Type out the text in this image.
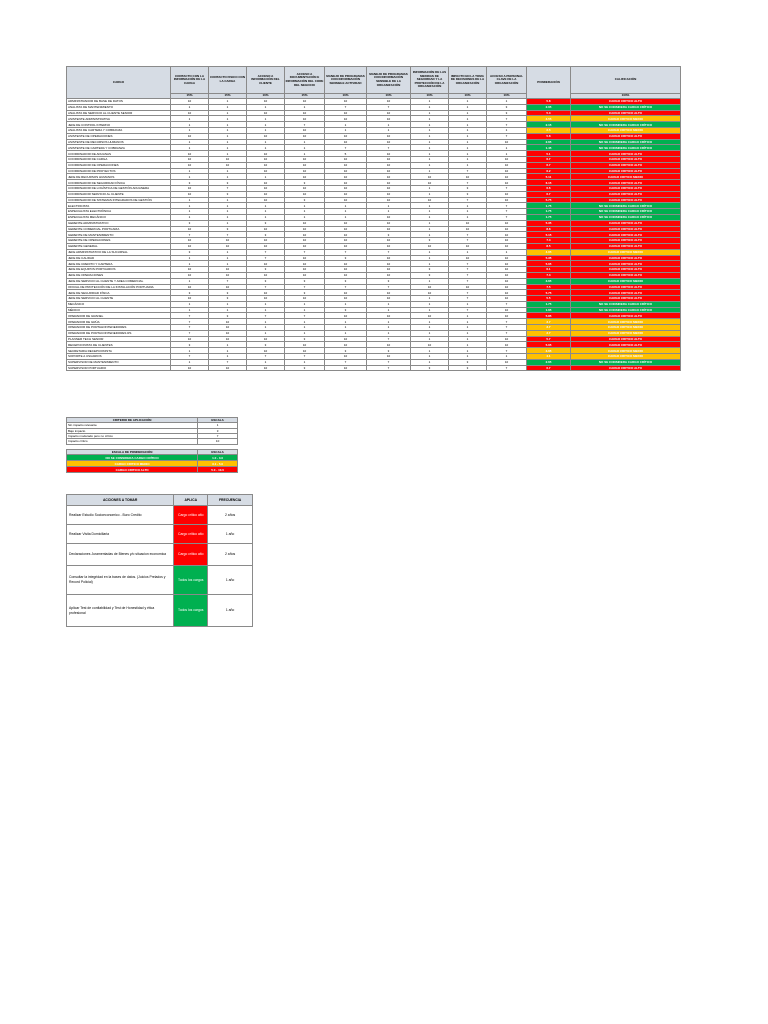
CARGO	CONTACTO CON LA INFORMACIÓN DE LA CARGA	CONTACTO FISICO CON LA CARGA	ACCESO A INFORMACIÓN DEL CLIENTE	ACCESO A DOCUMENTACIÓN E INFORMACIÓN DEL CORE DEL NEGOCIO	MANEJO DE PROGRAMAS CON INFORMACIÓN SENSIBLE ACTIVIDAD	MANEJO DE PROGRAMAS CON INFORMACIÓN SENSIBLE DE LA ORGANIZACIÓN	INFORMACIÓN DE LAS MEDIDAS DE SEGURIDAD Y LA PROTECCIÓN DE LA ORGANIZACIÓN	IMPACTO EN LA TOMA DE DECISIONES DE LA ORGANIZACIÓN	ACCESO A PERSONAL CLAVE DE LA ORGANIZACIÓN	PONDERACIÓN	CALIFICACIÓN
	15%	15%	10%	15%	10%	10%	10%	10%	10%		100%
ADMINISTRADOR DE BASE DE DATOS	10	1	10	10	10	10	1	1	1	5.8	CARGO CRITICO ALTO
ANALISTA DE MANTENIMIENTO	1	1	1	1	7	7	1	1	3	2.05	NO SE CONSIDERA CARGO CRÍTICO
ANALISTA DE SERVICIO AL CLIENTE SENIOR	10	1	10	10	10	10	1	1	3	5.3	CARGO CRITICO ALTO
ASISTENTE ADMINISTRATIVA	1	1	1	10	10	10	1	1	7	3.55	CARGO CRITICO MEDIO
JEFE DE CONTROL INTERNO	1	1	1	7	1	1	1	1	7	2.15	NO SE CONSIDERA CARGO CRÍTICO
ANALISTA DE CARTERA Y COBRANZA	1	1	1	10	1	1	1	1	1	2.5	CARGO CRITICO MEDIO
ASISTENTE DE OPERACIONES	10	1	10	10	10	10	1	1	7	5.8	CARGO CRITICO ALTO
ASISTENTE DE RECURSOS HUMANOS	1	1	1	1	10	10	1	1	10	2.65	NO SE CONSIDERA CARGO CRÍTICO
ASISTENTE DE CARTERA Y COBRANZA	1	1	1	1	7	7	1	1	1	1.45	NO SE CONSIDERA CARGO CRÍTICO
COORDINADOR DE ADUANAS	10	1	10	1	5	10	1	1	1	5.1	CARGO CRITICO ALTO
COORDINADOR DE CARGA	10	10	10	10	10	10	1	1	10	6.7	CARGO CRITICO ALTO
COORDINADOR DE OPERACIONES	10	10	10	10	10	10	1	1	10	6.7	CARGO CRITICO ALTO
COORDINADOR DE PROYECTOS	1	1	10	10	10	10	1	7	10	6.2	CARGO CRITICO ALTO
JEFE DE RECURSOS HUMANOS	1	1	1	10	10	10	10	10	10	5.11	CARGO CRITICO MEDIO
COORDINADOR DE SEGURIDAD FÍSICA	3	3	10	3	10	10	10	7	10	6.15	CARGO CRITICO ALTO
COORDINADOR DE LOGÍSTICA DE GESTIÓN ADUANERA	10	7	10	10	10	10	1	3	7	6.6	CARGO CRITICO ALTO
COORDINADOR SERVICIO AL CLIENTE	10	3	10	10	10	10	1	3	10	6.7	CARGO CRITICO ALTO
COORDINADOR DE SISTEMAS INTEGRADOS DE GESTIÓN	1	1	10	3	10	10	10	7	10	5.75	CARGO CRITICO ALTO
ELECTRICISTA	1	1	1	1	1	1	1	1	7	1.75	NO SE CONSIDERA CARGO CRÍTICO
ESPECIALISTA ELECTRÓNICA	1	1	1	1	1	1	1	1	7	1.75	NO SE CONSIDERA CARGO CRÍTICO
ESPECIALISTA MECÁNICO	1	1	1	1	1	10	1	1	7	1.75	NO SE CONSIDERA CARGO CRÍTICO
GERENTE ADMINISTRATIVO	3	1	3	10	10	10	1	10	10	5.35	CARGO CRITICO ALTO
GERENTE COMERCIAL PORTUARIA	10	3	10	10	10	10	1	10	10	8.8	CARGO CRITICO ALTO
GERENTE DE MANTENIMIENTO	7	7	3	10	10	3	1	7	10	5.15	CARGO CRITICO ALTO
GERENTE DE OPERACIONES	10	10	10	10	10	10	3	7	10	7.3	CARGO CRITICO ALTO
GERENTE GENERAL	10	10	10	10	10	10	10	10	10	8.5	CARGO CRITICO ALTO
JEFE ADMINISTRATIVO DE LA SUCURSAL	3	1	7	7	7	7	1	1	1	4.05	CARGO CRITICO MEDIO
JEFE DE CALIDAD	1	1	7	10	3	10	1	10	10	5.35	CARGO CRITICO ALTO
JEFE DE CREDITO Y CARTERA	1	1	10	10	10	10	1	7	10	5.05	CARGO CRITICO ALTO
JEFE DE EQUIPOS PORTUARIOS	10	10	3	10	10	10	3	7	10	6.1	CARGO CRITICO ALTO
JEFE DE OPERACIONES	10	10	10	10	10	10	3	7	10	7.3	CARGO CRITICO ALTO
JEFE DE SERVICIO AL CLIENTE Y AREA COMERCIAL	1	7	3	3	3	3	1	7	10	3.65	CARGO CRITICO MEDIO
OFICIAL DE PROTECCIÓN DE LA INSTALACIÓN PORTUARIA	10	10	7	7	7	7	10	10	10	7.5	CARGO CRITICO ALTO
JEFE DE SEGURIDAD FÍSICA	3	3	10	3	10	10	10	7	10	5.75	CARGO CRITICO ALTO
JEFE DE SERVICIO AL CLIENTE	10	3	10	10	10	10	1	7	10	5.5	CARGO CRITICO ALTO
MECÁNICO	1	1	1	1	1	1	1	1	7	1.75	NO SE CONSIDERA CARGO CRÍTICO
MÉDICO	1	1	1	1	3	1	1	7	10	1.65	NO SE CONSIDERA CARGO CRÍTICO
OPERADOR DE GRANEL	7	3	7	7	10	10	10	1	10	5.85	CARGO CRITICO ALTO
OPERADOR DE GRÚA	7	10	1	1	1	1	1	1	7	3.7	CARGO CRITICO MEDIO
OPERADOR DE PORTAHONTENEDORES	7	10	1	1	1	1	1	1	7	3.7	CARGO CRITICO MEDIO
OPERADOR DE PORTACONTENEDORES RS	7	10	1	1	1	1	1	1	7	3.7	CARGO CRITICO MEDIO
PLANNER TECH SENIOR	10	10	10	3	10	7	1	1	10	5.7	CARGO CRITICO ALTO
RECEPCIONISTA DE CLIENTES	3	1	3	10	10	10	10	1	10	5.05	CARGO CRITICO ALTO
SECRETARIA RECEPCIONISTA	1	1	10	10	3	3	1	1	7	3.65	CARGO CRITICO MEDIO
SOPORTE A USUARIOS	7	1	7	7	10	10	1	1	1	4.1	CARGO CRITICO MEDIO
SUPERVISOR DE MANTENIMIENTO	1	7	1	1	7	7	1	3	10	2.65	NO SE CONSIDERA CARGO CRÍTICO
SUPERVISOR PORTUARIO	10	10	10	3	10	7	3	3	7	6.7	CARGO CRITICO ALTO
CRITERIO DE APLICACIÓN	ESCALA
Sin impacto relevante	1
Bajo impacto	3
Impacto moderado pero no crítico	7
Impacto crítico	10
ESCALA DE PONDERACIÓN	ESCALA
NO SE CONSIDERA CARGO CRÍTICO	1.0 - 3.0
CARGO CRITICO MEDIO	3.1 - 5.0
CARGO CRITICO ALTO	5.0 - 10.0
ACCIONES A TOMAR	APLICA	FRECUENCIA
Realizar Estudio Socioeconomico - Buro Credito	Cargo critico alto	2 años
Realizar Visita Domiciliaria	Cargo critico alto	1 año
Declaraciones Juramentadas de Bienes y/o situacion economica	Cargo critico alto	2 años
Consultar la integridad en la bases de datos. (Juicios Prelados y Record Policial)	Todos los cargos	1 año
Aplicar Test de confiabilidad y Test de Honestidad y ética profesional	Todos los cargos	1 año
